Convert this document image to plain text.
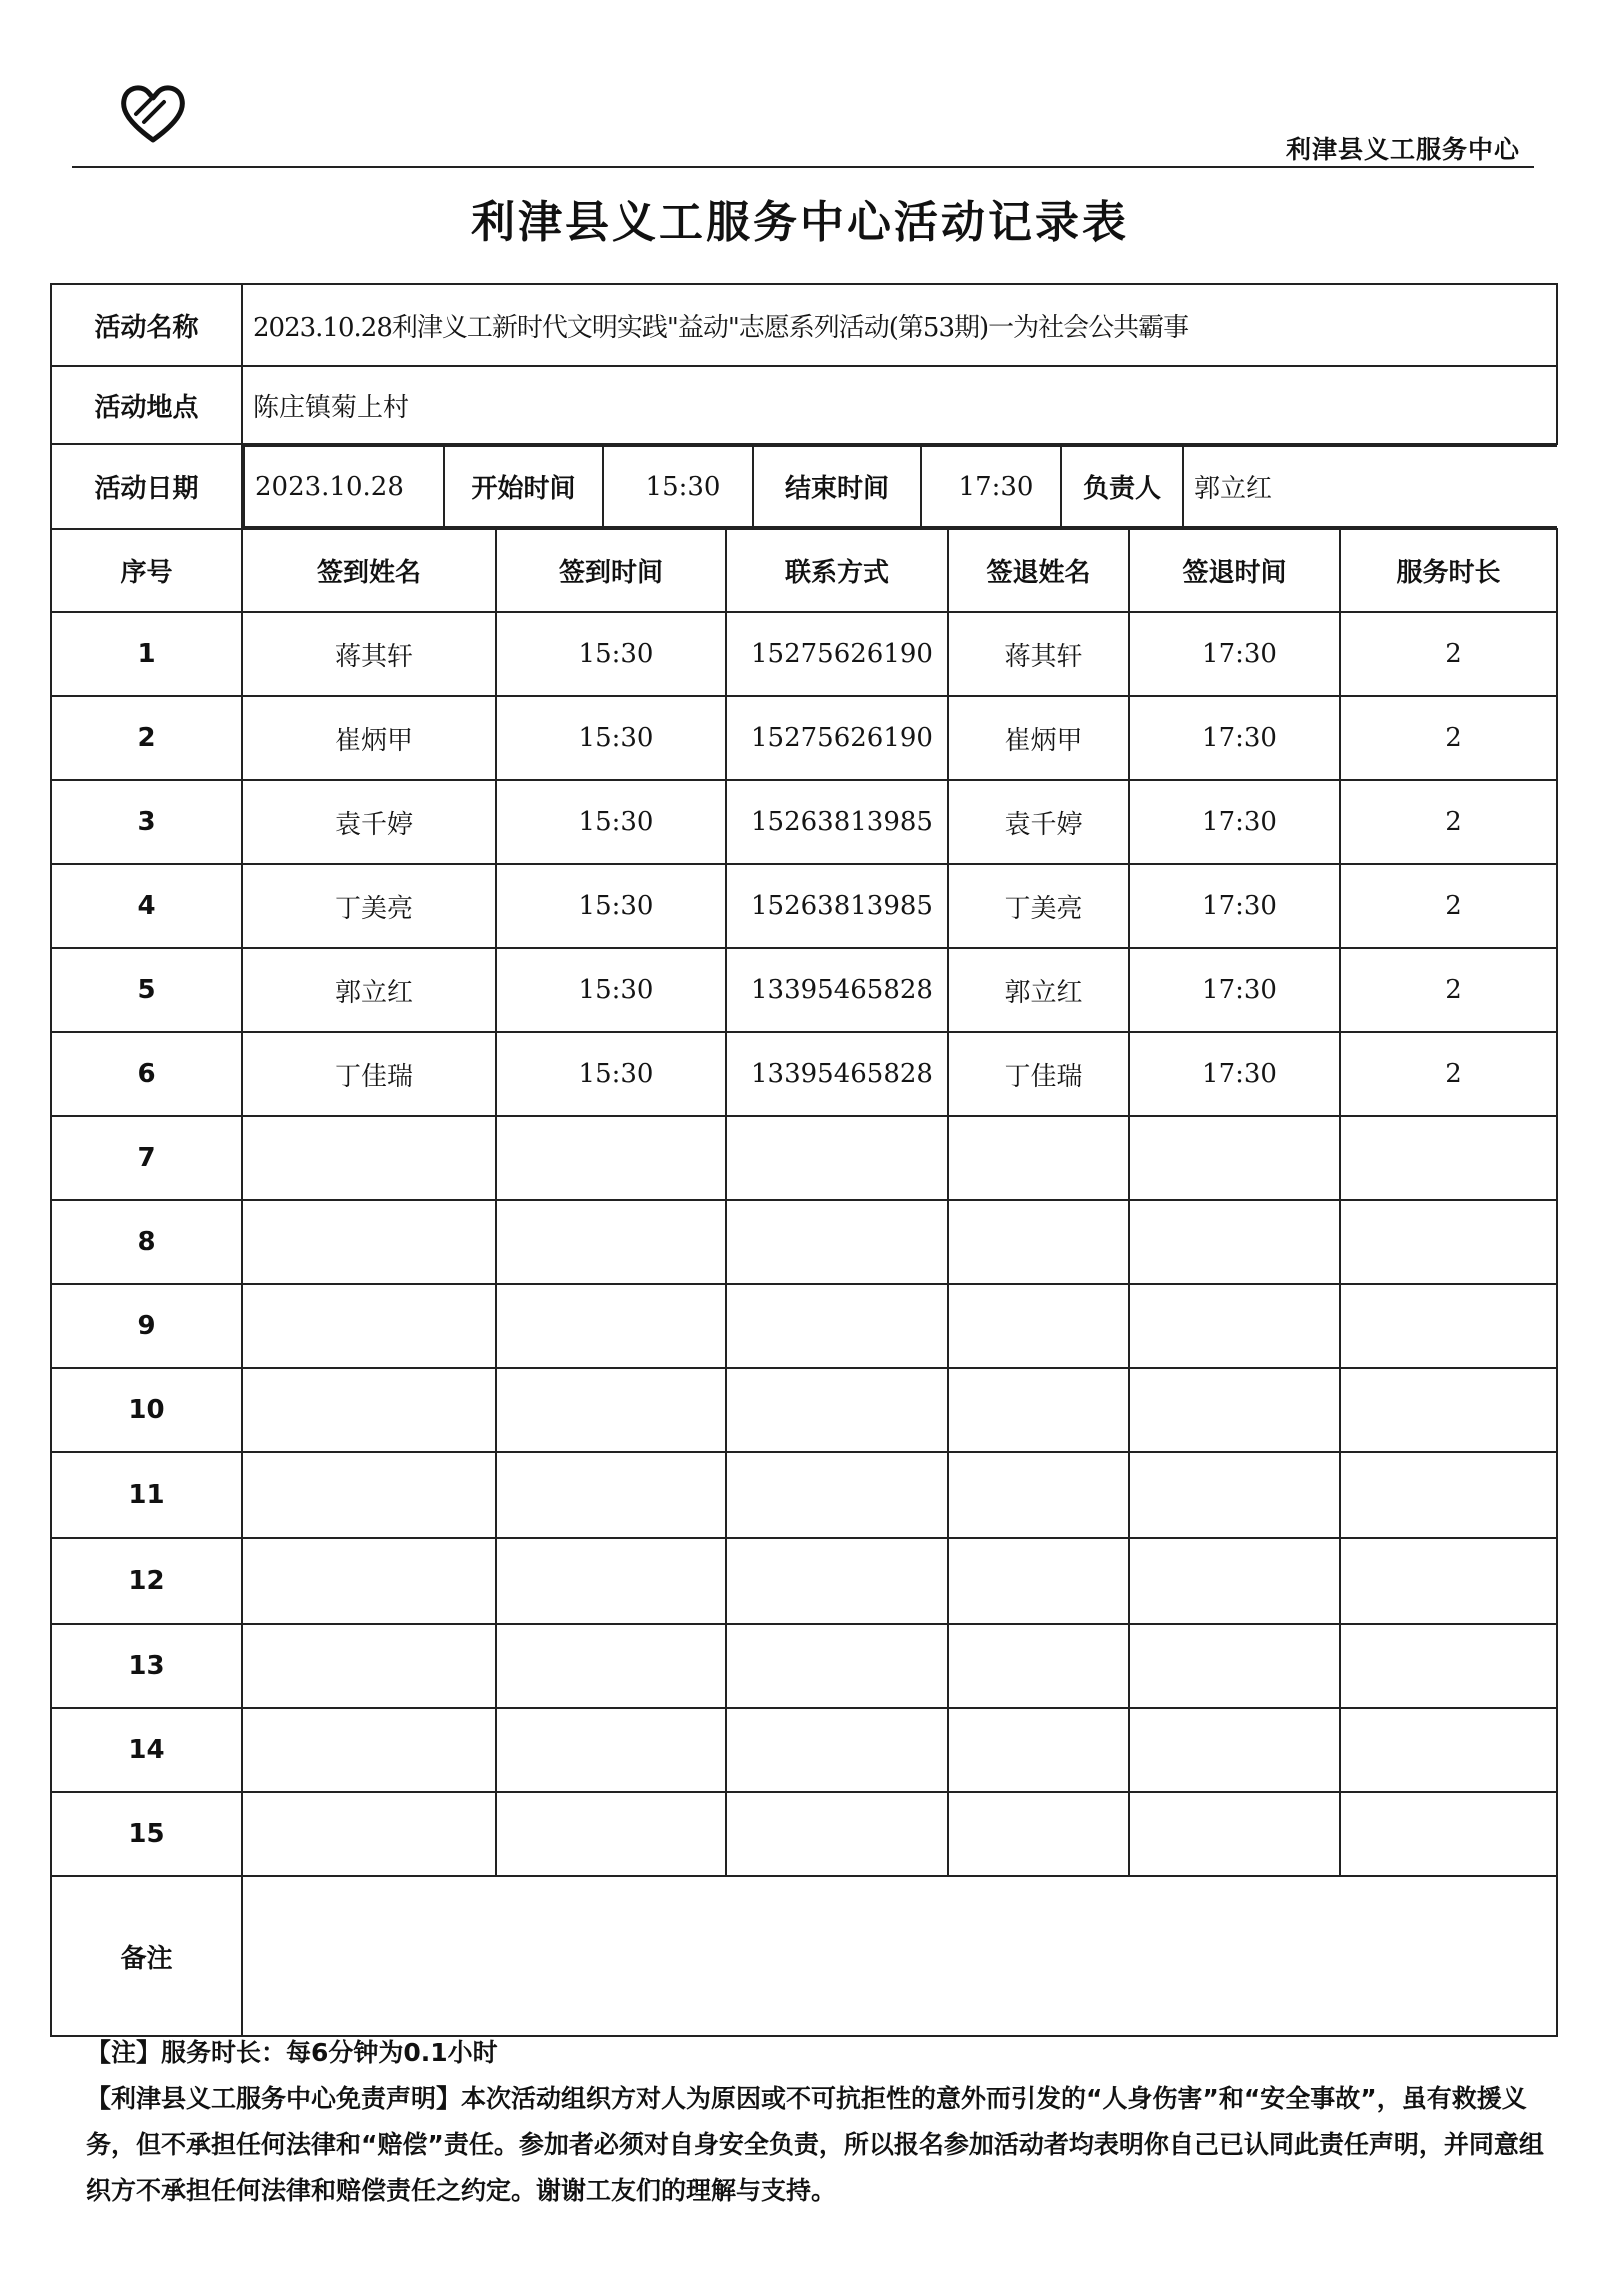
利津县义工服务中心
利津县义工服务中心活动记录表
活动名称	2023.10.28利津义工新时代文明实践"益动"志愿系列活动(第53期)一为社会公共霸事
活动地点	陈庄镇菊上村
活动日期	2023.10.28	开始时间	15:30	结束时间	17:30	负责人	郭立红

序号	签到姓名	签到时间	联系方式	签退姓名	签退时间	服务时长
1	蒋其轩	15:30	15275626190	蒋其轩	17:30	2
2	崔炳甲	15:30	15275626190	崔炳甲	17:30	2
3	袁千婷	15:30	15263813985	袁千婷	17:30	2
4	丁美亮	15:30	15263813985	丁美亮	17:30	2
5	郭立红	15:30	13395465828	郭立红	17:30	2
6	丁佳瑞	15:30	13395465828	丁佳瑞	17:30	2
7						
8						
9						
10						
11						
12						
13						
14						
15						
备注	

【注】服务时长：每6分钟为0.1小时

【利津县义工服务中心免责声明】本次活动组织方对人为原因或不可抗拒性的意外而引发的“人身伤害”和“安全事故”，虽有救援义务，但不承担任何法律和“赔偿”责任。参加者必须对自身安全负责，所以报名参加活动者均表明你自己已认同此责任声明，并同意组织方不承担任何法律和赔偿责任之约定。谢谢工友们的理解与支持。
